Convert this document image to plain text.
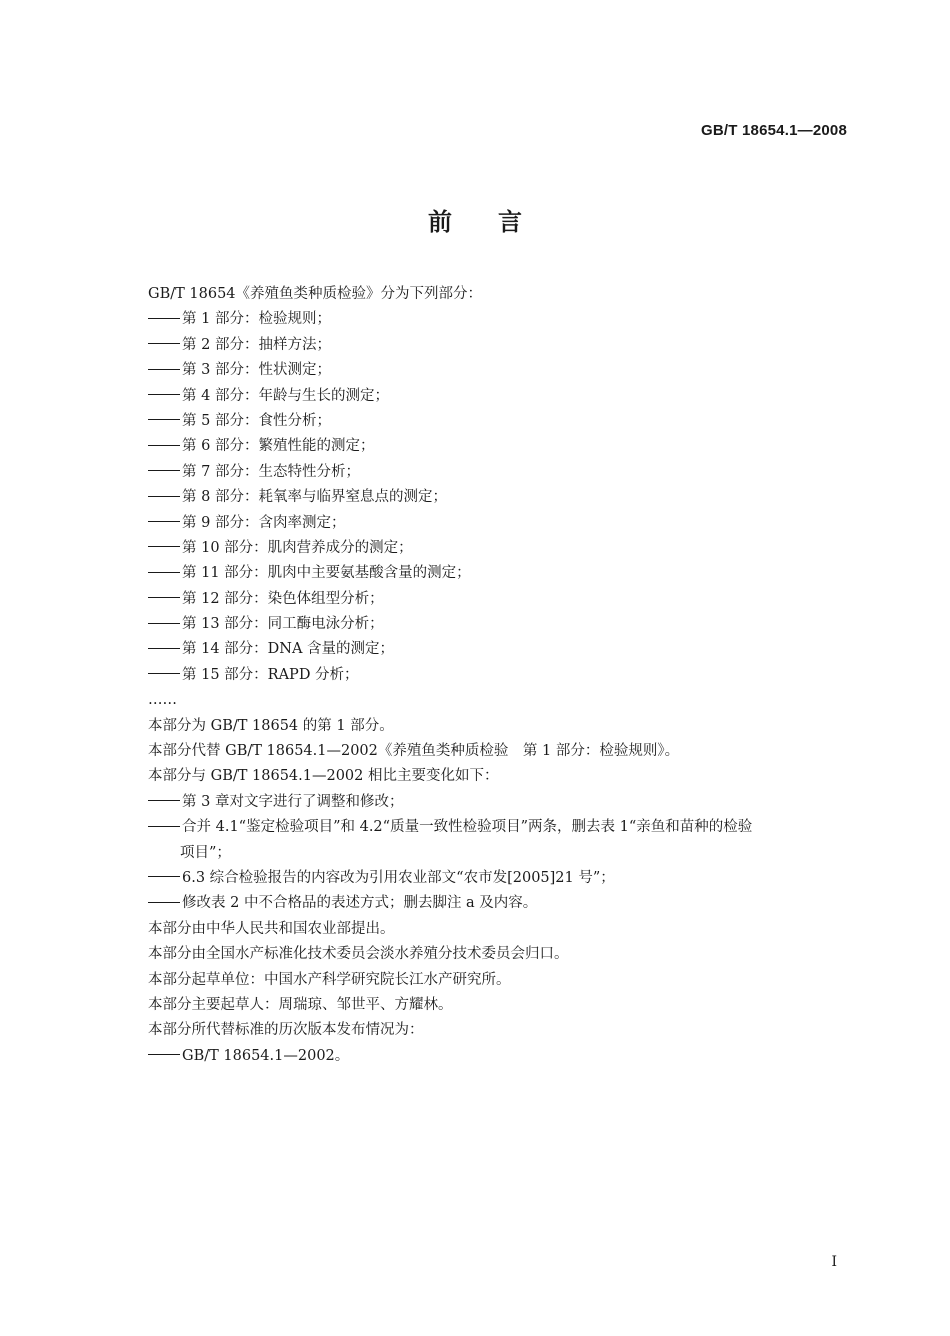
GB/T 18654.1—2008
前言
GB/T 18654《养殖鱼类种质检验》分为下列部分：
第 1 部分：检验规则；
第 2 部分：抽样方法；
第 3 部分：性状测定；
第 4 部分：年龄与生长的测定；
第 5 部分：食性分析；
第 6 部分：繁殖性能的测定；
第 7 部分：生态特性分析；
第 8 部分：耗氧率与临界窒息点的测定；
第 9 部分：含肉率测定；
第 10 部分：肌肉营养成分的测定；
第 11 部分：肌肉中主要氨基酸含量的测定；
第 12 部分：染色体组型分析；
第 13 部分：同工酶电泳分析；
第 14 部分：DNA 含量的测定；
第 15 部分：RAPD 分析；
……
本部分为 GB/T 18654 的第 1 部分。
本部分代替 GB/T 18654.1—2002《养殖鱼类种质检验　第 1 部分：检验规则》。
本部分与 GB/T 18654.1—2002 相比主要变化如下：
第 3 章对文字进行了调整和修改；
合并 4.1“鉴定检验项目”和 4.2“质量一致性检验项目”两条，删去表 1“亲鱼和苗种的检验
项目”；
6.3 综合检验报告的内容改为引用农业部文“农市发[2005]21 号”；
修改表 2 中不合格品的表述方式；删去脚注 a 及内容。
本部分由中华人民共和国农业部提出。
本部分由全国水产标准化技术委员会淡水养殖分技术委员会归口。
本部分起草单位：中国水产科学研究院长江水产研究所。
本部分主要起草人：周瑞琼、邹世平、方耀林。
本部分所代替标准的历次版本发布情况为：
GB/T 18654.1—2002。
I
